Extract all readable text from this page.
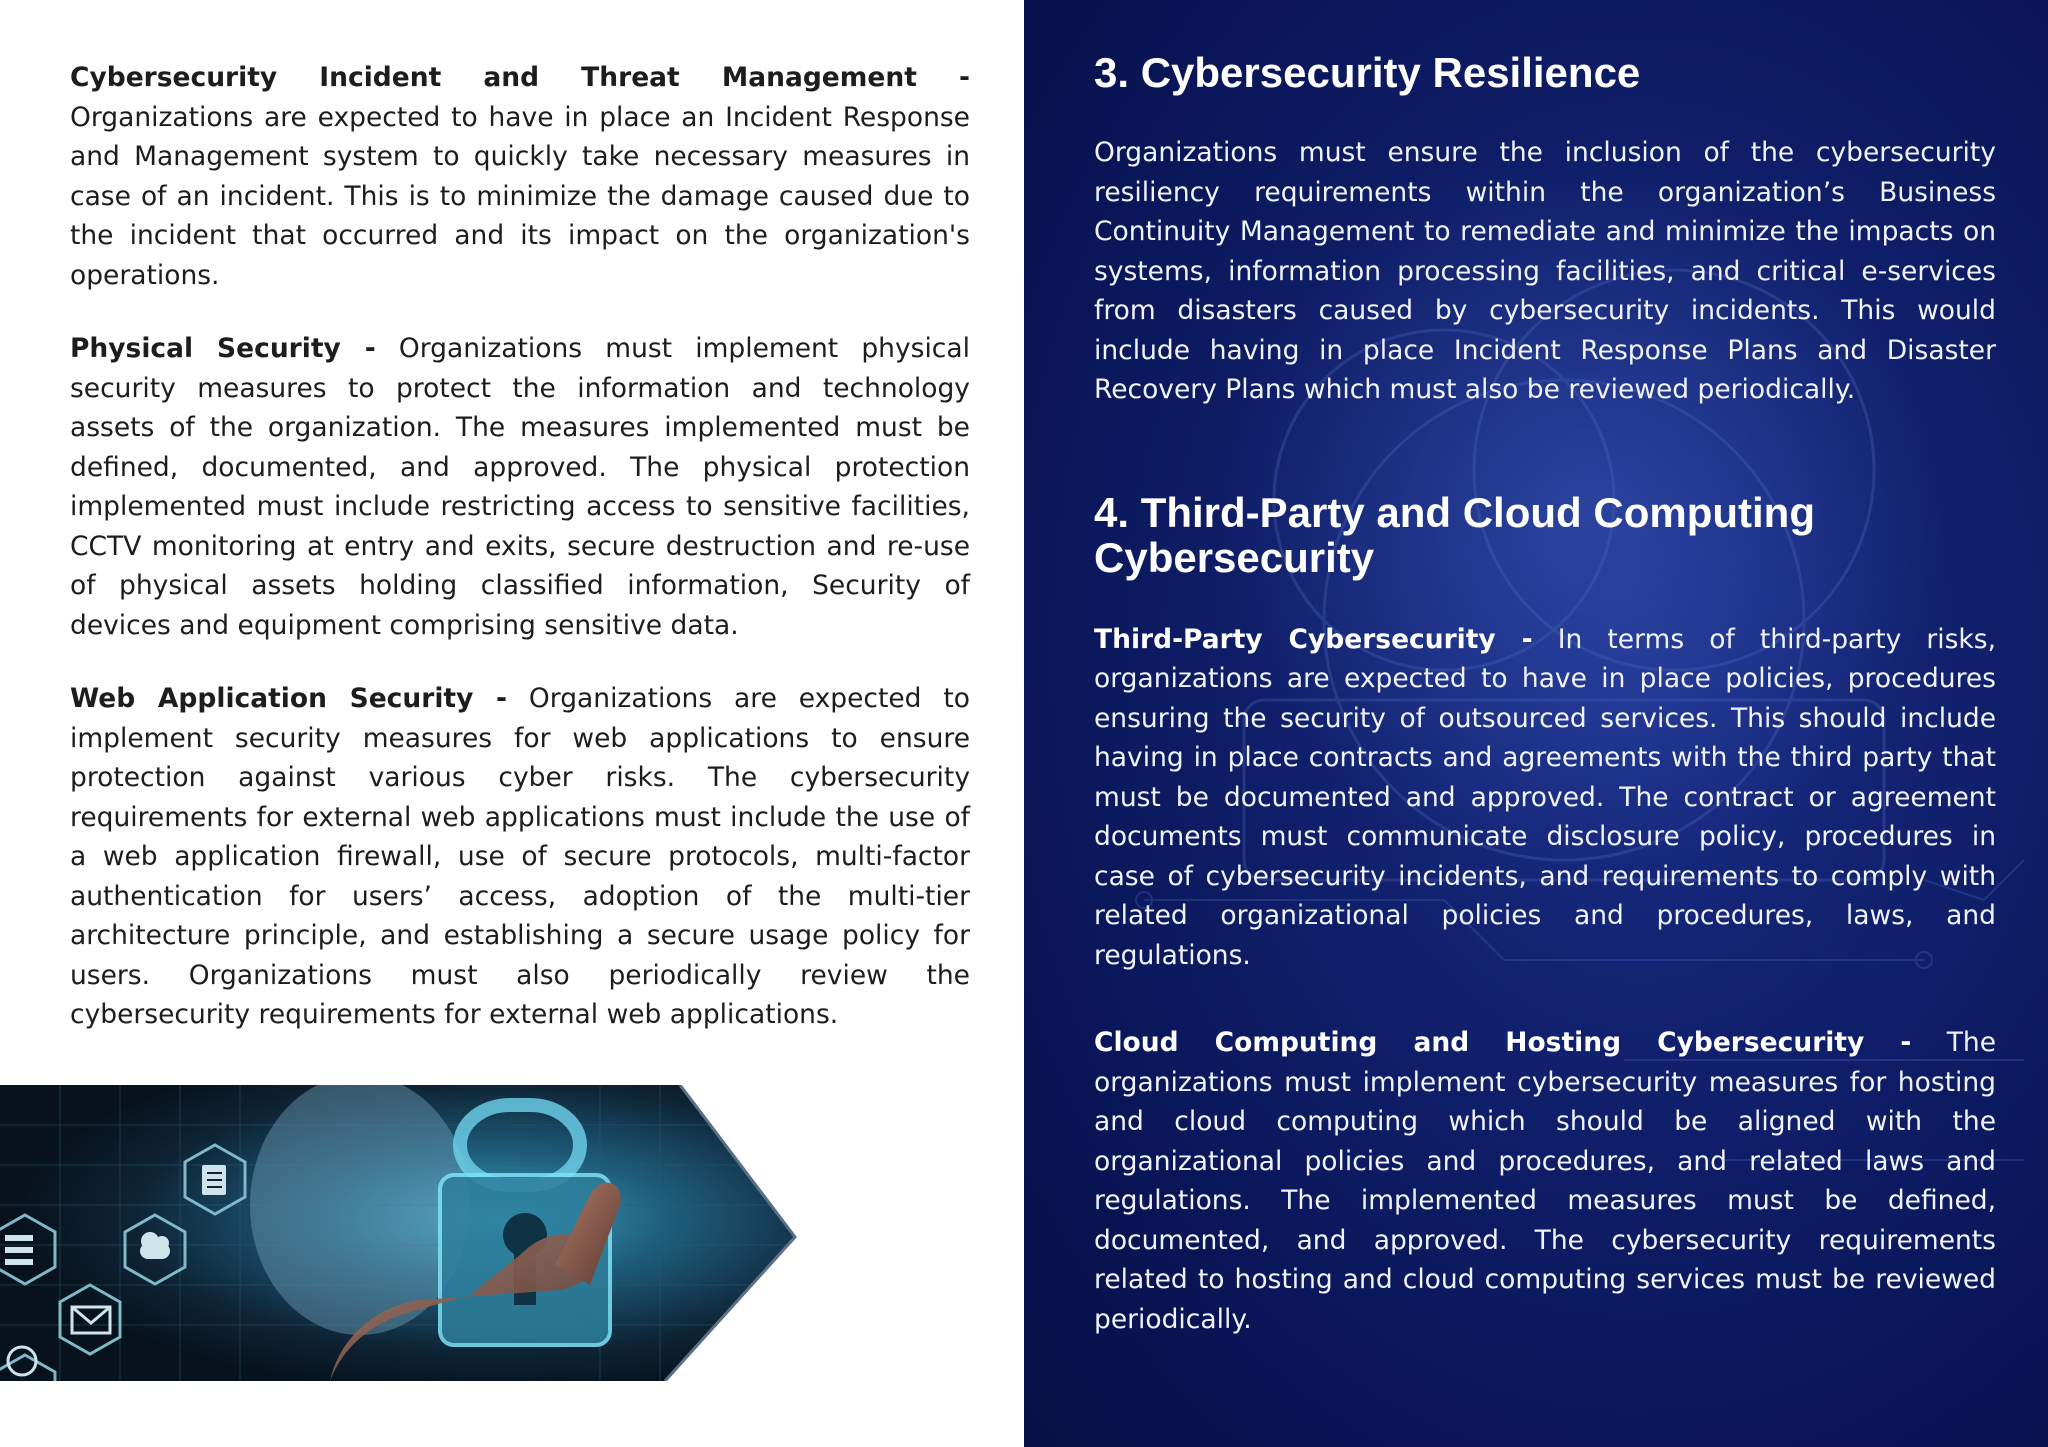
Cybersecurity Incident and Threat Management - Organizations are expected to have in place an Incident Response and Management system to quickly take necessary measures in case of an incident. This is to minimize the damage caused due to the incident that occurred and its impact on the organization's operations.

Physical Security - Organizations must implement physical security measures to protect the information and technology assets of the organization. The measures implemented must be defined, documented, and approved. The physical protection implemented must include restricting access to sensitive facilities, CCTV monitoring at entry and exits, secure destruction and re-use of physical assets holding classified information, Security of devices and equipment comprising sensitive data.

Web Application Security - Organizations are expected to implement security measures for web applications to ensure protection against various cyber risks. The cybersecurity requirements for external web applications must include the use of a web application firewall, use of secure protocols, multi-factor authentication for users’ access, adoption of the multi-tier architecture principle, and establishing a secure usage policy for users. Organizations must also periodically review the cybersecurity requirements for external web applications.

3. Cybersecurity Resilience

Organizations must ensure the inclusion of the cybersecurity resiliency requirements within the organization’s Business Continuity Management to remediate and minimize the impacts on systems, information processing facilities, and critical e-services from disasters caused by cybersecurity incidents. This would include having in place Incident Response Plans and Disaster Recovery Plans which must also be reviewed periodically.

4. Third-Party and Cloud Computing Cybersecurity

Third-Party Cybersecurity - In terms of third-party risks, organizations are expected to have in place policies, procedures ensuring the security of outsourced services. This should include having in place contracts and agreements with the third party that must be documented and approved. The contract or agreement documents must communicate disclosure policy, procedures in case of cybersecurity incidents, and requirements to comply with related organizational policies and procedures, laws, and regulations.

Cloud Computing and Hosting Cybersecurity - The organizations must implement cybersecurity measures for hosting and cloud computing which should be aligned with the organizational policies and procedures, and related laws and regulations. The implemented measures must be defined, documented, and approved. The cybersecurity requirements related to hosting and cloud computing services must be reviewed periodically.
